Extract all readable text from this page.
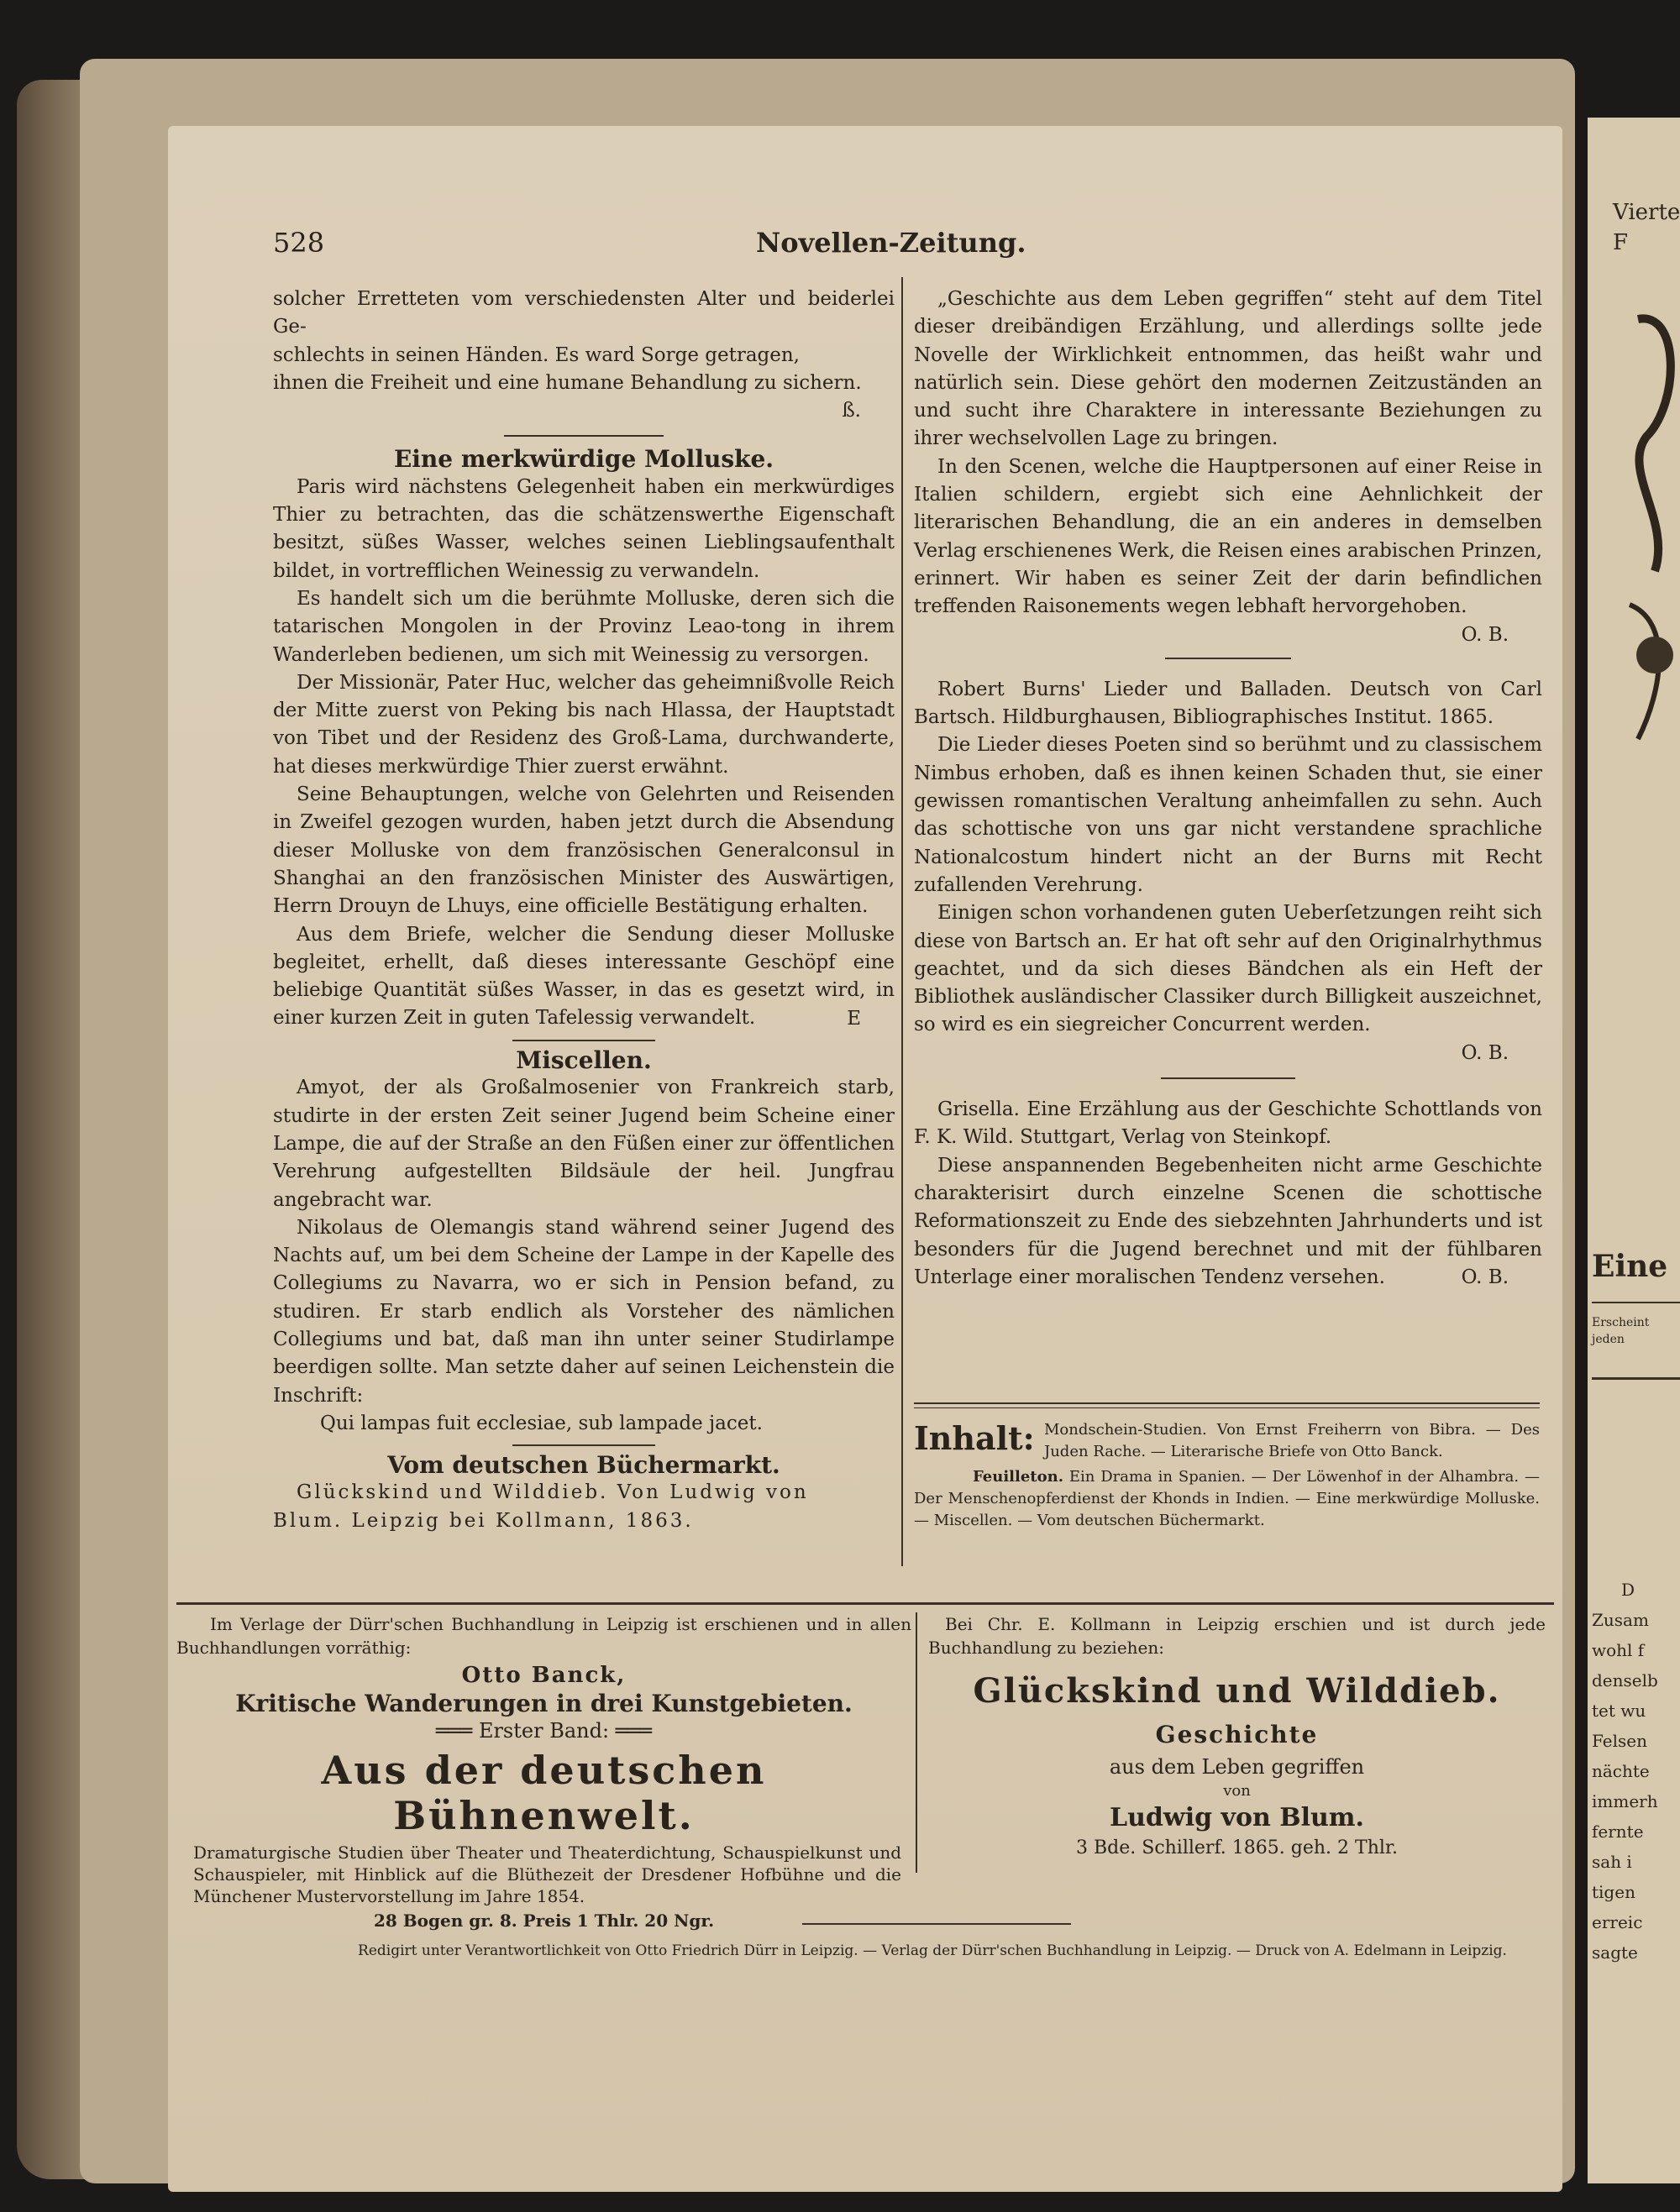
528	Novellen-Zeitung.

solcher Erretteten vom verschiedensten Alter und beiderlei Ge-

schlechts in seinen Händen. Es ward Sorge getragen,

ihnen die Freiheit und eine humane Behandlung zu sichern.

ß.

Eine merkwürdige Molluske.

Paris wird nächstens Gelegenheit haben ein merkwürdiges Thier zu betrachten, das die schätzenswerthe Eigenschaft besitzt, süßes Wasser, welches seinen Lieblingsaufenthalt bildet, in vortrefflichen Weinessig zu verwandeln.

Es handelt sich um die berühmte Molluske, deren sich die tatarischen Mongolen in der Provinz Leao-tong in ihrem Wanderleben bedienen, um sich mit Weinessig zu versorgen.

Der Missionär, Pater Huc, welcher das geheimnißvolle Reich der Mitte zuerst von Peking bis nach Hlassa, der Hauptstadt von Tibet und der Residenz des Groß-Lama, durchwanderte, hat dieses merkwürdige Thier zuerst erwähnt.

Seine Behauptungen, welche von Gelehrten und Reisenden in Zweifel gezogen wurden, haben jetzt durch die Absendung dieser Molluske von dem französischen Generalconsul in Shanghai an den französischen Minister des Auswärtigen, Herrn Drouyn de Lhuys, eine officielle Bestätigung erhalten.

Aus dem Briefe, welcher die Sendung dieser Molluske begleitet, erhellt, daß dieses interessante Geschöpf eine beliebige Quantität süßes Wasser, in das es gesetzt wird, in einer kurzen Zeit in guten Tafelessig verwandelt.	E

Miscellen.

Amyot, der als Großalmosenier von Frankreich starb, studirte in der ersten Zeit seiner Jugend beim Scheine einer Lampe, die auf der Straße an den Füßen einer zur öffentlichen Verehrung aufgestellten Bildsäule der heil. Jungfrau angebracht war.

Nikolaus de Olemangis stand während seiner Jugend des Nachts auf, um bei dem Scheine der Lampe in der Kapelle des Collegiums zu Navarra, wo er sich in Pension befand, zu studiren. Er starb endlich als Vorsteher des nämlichen Collegiums und bat, daß man ihn unter seiner Studirlampe beerdigen sollte. Man setzte daher auf seinen Leichenstein die Inschrift:

Qui lampas fuit ecclesiae, sub lampade jacet.

Vom deutschen Büchermarkt.

Glückskind und Wilddieb. Von Ludwig von

Blum. Leipzig bei Kollmann, 1863.

„Geschichte aus dem Leben gegriffen“ steht auf dem Titel dieser dreibändigen Erzählung, und allerdings sollte jede Novelle der Wirklichkeit entnommen, das heißt wahr und natürlich sein. Diese gehört den modernen Zeitzuständen an und sucht ihre Charaktere in interessante Beziehungen zu ihrer wechselvollen Lage zu bringen.

In den Scenen, welche die Hauptpersonen auf einer Reise in Italien schildern, ergiebt sich eine Aehnlichkeit der literarischen Behandlung, die an ein anderes in demselben Verlag erschienenes Werk, die Reisen eines arabischen Prinzen, erinnert. Wir haben es seiner Zeit der darin befindlichen treffenden Raisonements wegen lebhaft hervorgehoben.

O. B.

Robert Burns' Lieder und Balladen. Deutsch von Carl Bartsch. Hildburghausen, Bibliographisches Institut. 1865.

Die Lieder dieses Poeten sind so berühmt und zu classischem Nimbus erhoben, daß es ihnen keinen Schaden thut, sie einer gewissen romantischen Veraltung anheimfallen zu sehn. Auch das schottische von uns gar nicht verstandene sprachliche Nationalcostum hindert nicht an der Burns mit Recht zufallenden Verehrung.

Einigen schon vorhandenen guten Ueberſetzungen reiht sich diese von Bartsch an. Er hat oft sehr auf den Originalrhythmus geachtet, und da sich dieses Bändchen als ein Heft der Bibliothek ausländischer Classiker durch Billigkeit auszeichnet, so wird es ein siegreicher Concurrent werden.

O. B.

Grisella. Eine Erzählung aus der Geschichte Schottlands von F. K. Wild. Stuttgart, Verlag von Steinkopf.

Diese anspannenden Begebenheiten nicht arme Geschichte charakterisirt durch einzelne Scenen die schottische Reformationszeit zu Ende des siebzehnten Jahrhunderts und ist besonders für die Jugend berechnet und mit der fühlbaren Unterlage einer moralischen Tendenz versehen.	O. B.

Inhalt: Mondschein-Studien. Von Ernst Freiherrn von Bibra. — Des Juden Rache. — Literarische Briefe von Otto Banck.
Feuilleton. Ein Drama in Spanien. — Der Löwenhof in der Alhambra. — Der Menschenopferdienst der Khonds in Indien. — Eine merkwürdige Molluske. — Miscellen. — Vom deutschen Büchermarkt.
Im Verlage der Dürr'schen Buchhandlung in Leipzig ist erschienen und in allen Buchhandlungen vorräthig:
Otto Banck,
Kritische Wanderungen in drei Kunstgebieten.
═══ Erster Band: ═══
Aus der deutschen Bühnenwelt.
Dramaturgische Studien über Theater und Theaterdichtung, Schauspielkunst und Schauspieler, mit Hinblick auf die Blüthezeit der Dresdener Hofbühne und die Münchener Mustervorstellung im Jahre 1854.
28 Bogen gr. 8. Preis 1 Thlr. 20 Ngr.
Bei Chr. E. Kollmann in Leipzig erschien und ist durch jede Buchhandlung zu beziehen:
Glückskind und Wilddieb.
Geschichte
aus dem Leben gegriffen
von
Ludwig von Blum.
3 Bde. Schillerf. 1865. geh. 2 Thlr.
Redigirt unter Verantwortlichkeit von Otto Friedrich Dürr in Leipzig. — Verlag der Dürr'schen Buchhandlung in Leipzig. — Druck von A. Edelmann in Leipzig.
Vierte F
Eine
Erscheint
jeden
D
Zusam
wohl f
denselb
tet wu
Felsen
nächte
immerh
fernte
sah i
tigen
erreic
sagte
